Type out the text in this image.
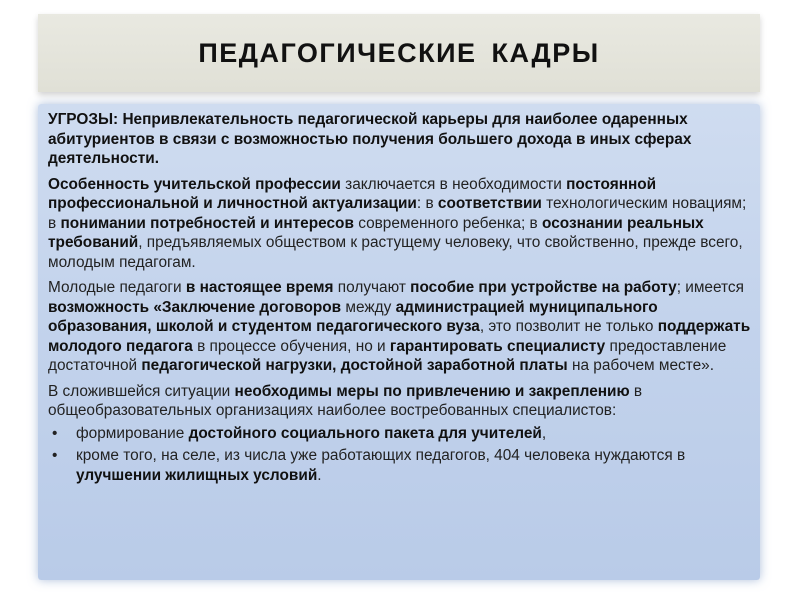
ПЕДАГОГИЧЕСКИЕ КАДРЫ

УГРОЗЫ: Непривлекательность педагогической карьеры для наиболее одаренных абитуриентов в связи с возможностью получения большего дохода в иных сферах деятельности.

Особенность учительской профессии заключается в необходимости постоянной профессиональной и личностной актуализации: в соответствии технологическим новациям; в понимании потребностей и интересов современного ребенка; в осознании реальных требований, предъявляемых обществом к растущему человеку, что свойственно, прежде всего, молодым педагогам.

Молодые педагоги в настоящее время получают пособие при устройстве на работу; имеется возможность «Заключение договоров между администрацией муниципального образования, школой и студентом педагогического вуза, это позволит не только поддержать молодого педагога в процессе обучения, но и гарантировать специалисту предоставление достаточной педагогической нагрузки, достойной заработной платы на рабочем месте».

В сложившейся ситуации необходимы меры по привлечению и закреплению в общеобразовательных организациях наиболее востребованных специалистов:

• формирование достойного социального пакета для учителей,
• кроме того, на селе, из числа уже работающих педагогов, 404 человека нуждаются в улучшении жилищных условий.
